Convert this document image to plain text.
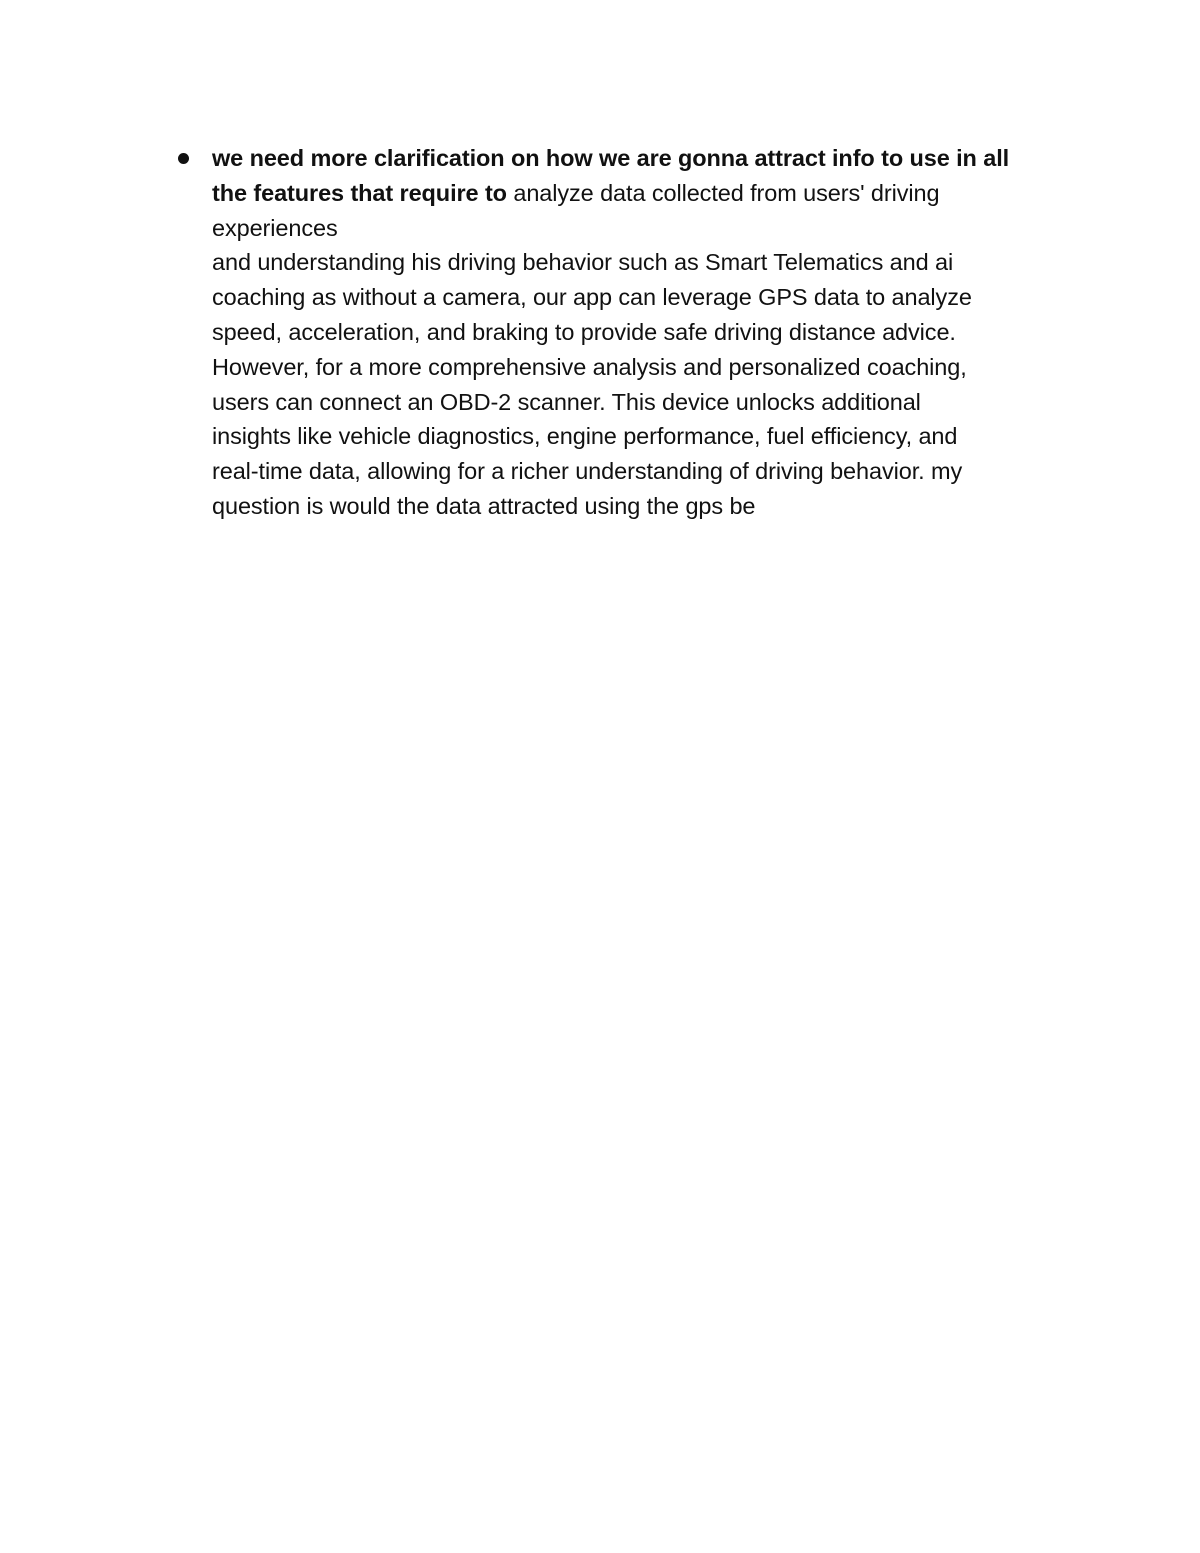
we need more clarification on how we are gonna attract info to use in all
the features that require to analyze data collected from users' driving
experiences
and understanding his driving behavior such as Smart Telematics and ai
coaching as without a camera, our app can leverage GPS data to analyze
speed, acceleration, and braking to provide safe driving distance advice.
However, for a more comprehensive analysis and personalized coaching,
users can connect an OBD-2 scanner. This device unlocks additional
insights like vehicle diagnostics, engine performance, fuel efficiency, and
real-time data, allowing for a richer understanding of driving behavior. my
question is would the data attracted using the gps be
